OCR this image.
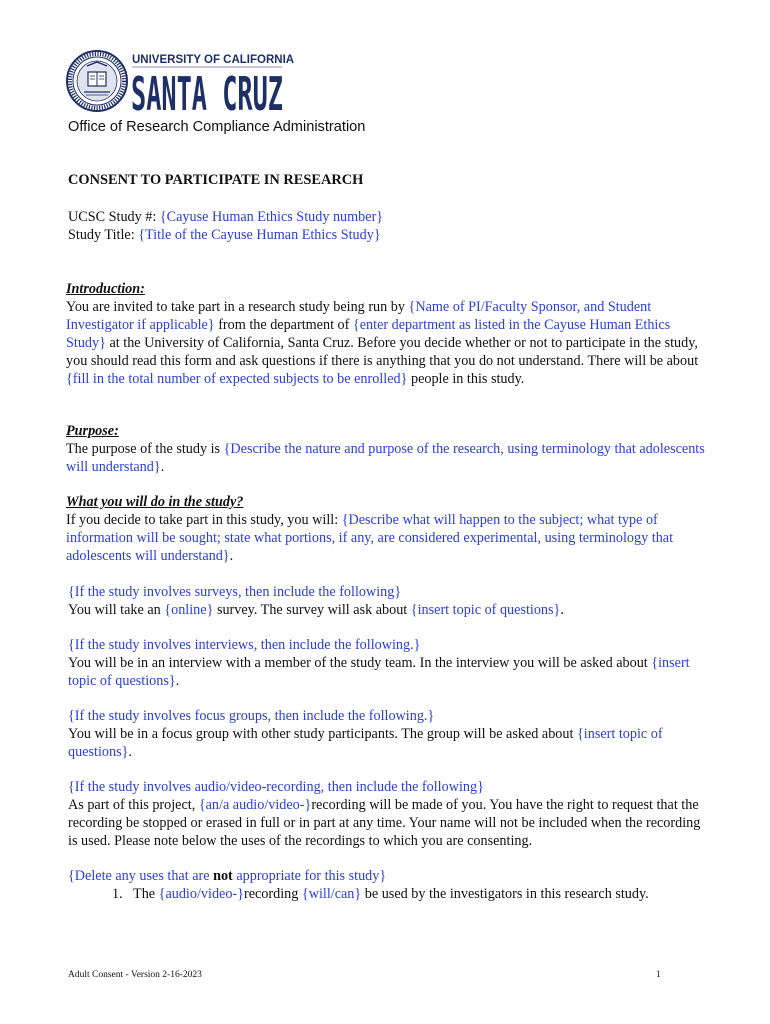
UNIVERSITY OF CALIFORNIA
SANTA CRUZ
Office of Research Compliance Administration
CONSENT TO PARTICIPATE IN RESEARCH
UCSC Study #: {Cayuse Human Ethics Study number}
Study Title: {Title of the Cayuse Human Ethics Study}
Introduction:
You are invited to take part in a research study being run by {Name of PI/Faculty Sponsor, and Student Investigator if applicable} from the department of {enter department as listed in the Cayuse Human Ethics Study} at the University of California, Santa Cruz. Before you decide whether or not to participate in the study, you should read this form and ask questions if there is anything that you do not understand. There will be about {fill in the total number of expected subjects to be enrolled} people in this study.
Purpose:
The purpose of the study is {Describe the nature and purpose of the research, using terminology that adolescents will understand}.
What you will do in the study?
If you decide to take part in this study, you will: {Describe what will happen to the subject; what type of information will be sought; state what portions, if any, are considered experimental, using terminology that adolescents will understand}.
{If the study involves surveys, then include the following}
You will take an {online} survey. The survey will ask about {insert topic of questions}.
{If the study involves interviews, then include the following.}
You will be in an interview with a member of the study team. In the interview you will be asked about {insert topic of questions}.
{If the study involves focus groups, then include the following.}
You will be in a focus group with other study participants. The group will be asked about {insert topic of questions}.
{If the study involves audio/video-recording, then include the following}
As part of this project, {an/a audio/video-}recording will be made of you. You have the right to request that the recording be stopped or erased in full or in part at any time. Your name will not be included when the recording is used. Please note below the uses of the recordings to which you are consenting.
{Delete any uses that are not appropriate for this study}
1. The {audio/video-}recording {will/can} be used by the investigators in this research study.
Adult Consent - Version 2-16-2023	1
